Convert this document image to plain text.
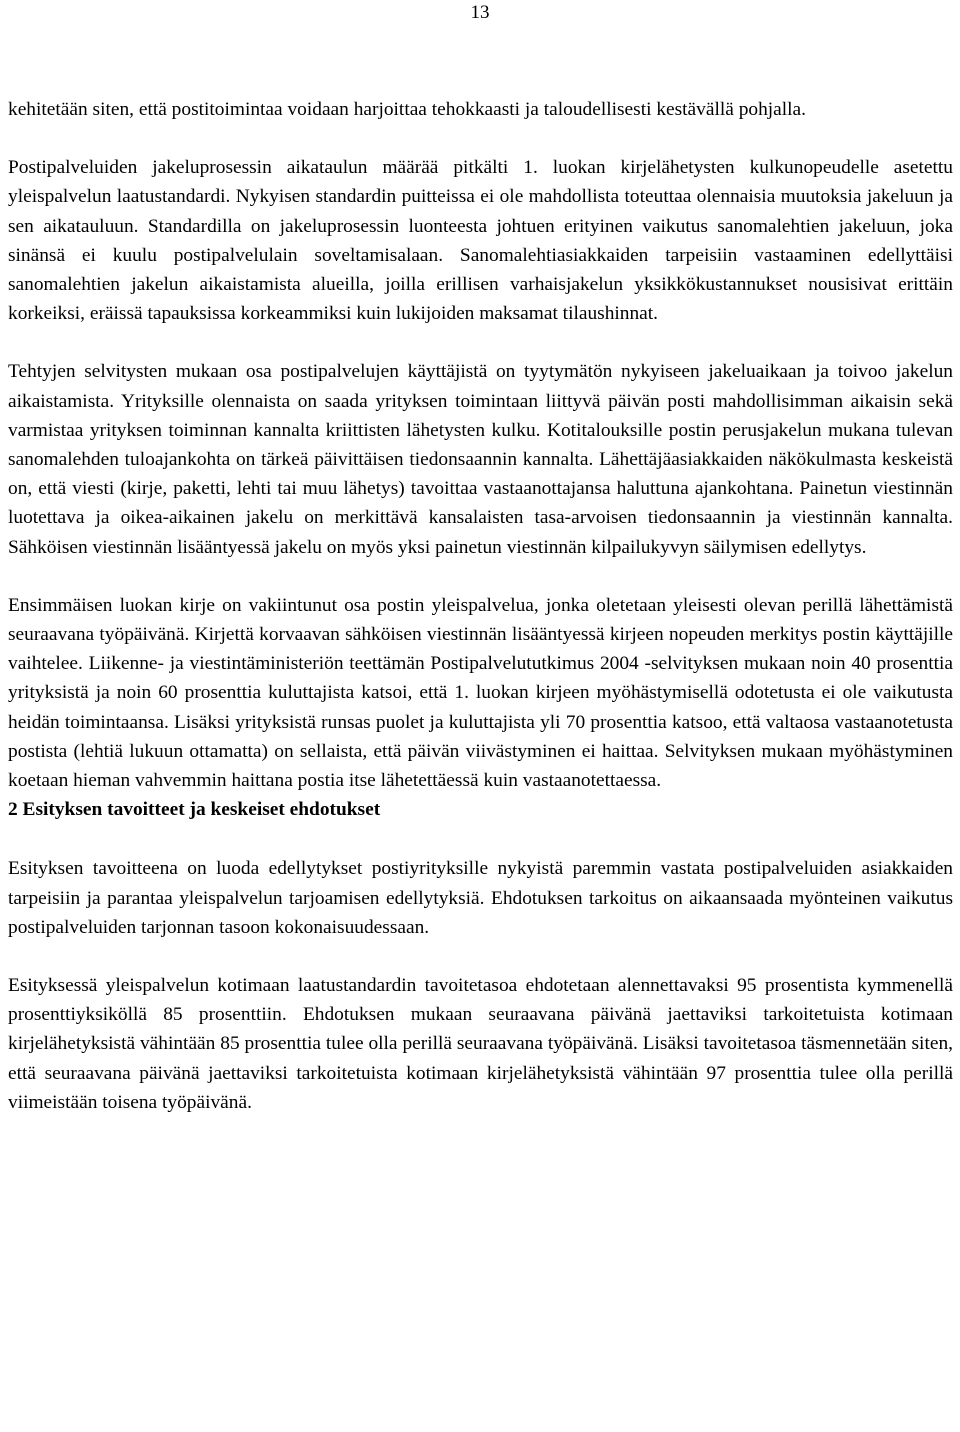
13

kehitetään siten, että postitoimintaa voidaan harjoittaa tehokkaasti ja taloudellisesti kestävällä pohjalla.

Postipalveluiden jakeluprosessin aikataulun määrää pitkälti 1. luokan kirjelähetysten kulkunopeudelle asetettu yleispalvelun laatustandardi. Nykyisen standardin puitteissa ei ole mahdollista toteuttaa olennaisia muutoksia jakeluun ja sen aikatauluun. Standardilla on jakeluprosessin luonteesta johtuen erityinen vaikutus sanomalehtien jakeluun, joka sinänsä ei kuulu postipalvelulain soveltamisalaan. Sanomalehtiasiakkaiden tarpeisiin vastaaminen edellyttäisi sanomalehtien jakelun aikaistamista alueilla, joilla erillisen varhaisjakelun yksikkökustannukset nousisivat erittäin korkeiksi, eräissä tapauksissa korkeammiksi kuin lukijoiden maksamat tilaushinnat.

Tehtyjen selvitysten mukaan osa postipalvelujen käyttäjistä on tyytymätön nykyiseen jakeluaikaan ja toivoo jakelun aikaistamista. Yrityksille olennaista on saada yrityksen toimintaan liittyvä päivän posti mahdollisimman aikaisin sekä varmistaa yrityksen toiminnan kannalta kriittisten lähetysten kulku. Kotitalouksille postin perusjakelun mukana tulevan sanomalehden tuloajankohta on tärkeä päivittäisen tiedonsaannin kannalta. Lähettäjäasiakkaiden näkökulmasta keskeistä on, että viesti (kirje, paketti, lehti tai muu lähetys) tavoittaa vastaanottajansa haluttuna ajankohtana. Painetun viestinnän luotettava ja oikea-aikainen jakelu on merkittävä kansalaisten tasa-arvoisen tiedonsaannin ja viestinnän kannalta. Sähköisen viestinnän lisääntyessä jakelu on myös yksi painetun viestinnän kilpailukyvyn säilymisen edellytys.

Ensimmäisen luokan kirje on vakiintunut osa postin yleispalvelua, jonka oletetaan yleisesti olevan perillä lähettämistä seuraavana työpäivänä. Kirjettä korvaavan sähköisen viestinnän lisääntyessä kirjeen nopeuden merkitys postin käyttäjille vaihtelee. Liikenne- ja viestintäministeriön teettämän Postipalvelututkimus 2004 -selvityksen mukaan noin 40 prosenttia yrityksistä ja noin 60 prosenttia kuluttajista katsoi, että 1. luokan kirjeen myöhästymisellä odotetusta ei ole vaikutusta heidän toimintaansa. Lisäksi yrityksistä runsas puolet ja kuluttajista yli 70 prosenttia katsoo, että valtaosa vastaanotetusta postista (lehtiä lukuun ottamatta) on sellaista, että päivän viivästyminen ei haittaa. Selvityksen mukaan myöhästyminen koetaan hieman vahvemmin haittana postia itse lähetettäessä kuin vastaanotettaessa.

2 Esityksen tavoitteet ja keskeiset ehdotukset

Esityksen tavoitteena on luoda edellytykset postiyrityksille nykyistä paremmin vastata postipalveluiden asiakkaiden tarpeisiin ja parantaa yleispalvelun tarjoamisen edellytyksiä. Ehdotuksen tarkoitus on aikaansaada myönteinen vaikutus postipalveluiden tarjonnan tasoon kokonaisuudessaan.

Esityksessä yleispalvelun kotimaan laatustandardin tavoitetasoa ehdotetaan alennettavaksi 95 prosentista kymmenellä prosenttiyksiköllä 85 prosenttiin. Ehdotuksen mukaan seuraavana päivänä jaettaviksi tarkoitetuista kotimaan kirjelähetyksistä vähintään 85 prosenttia tulee olla perillä seuraavana työpäivänä. Lisäksi tavoitetasoa täsmennetään siten, että seuraavana päivänä jaettaviksi tarkoitetuista kotimaan kirjelähetyksistä vähintään 97 prosenttia tulee olla perillä viimeistään toisena työpäivänä.
